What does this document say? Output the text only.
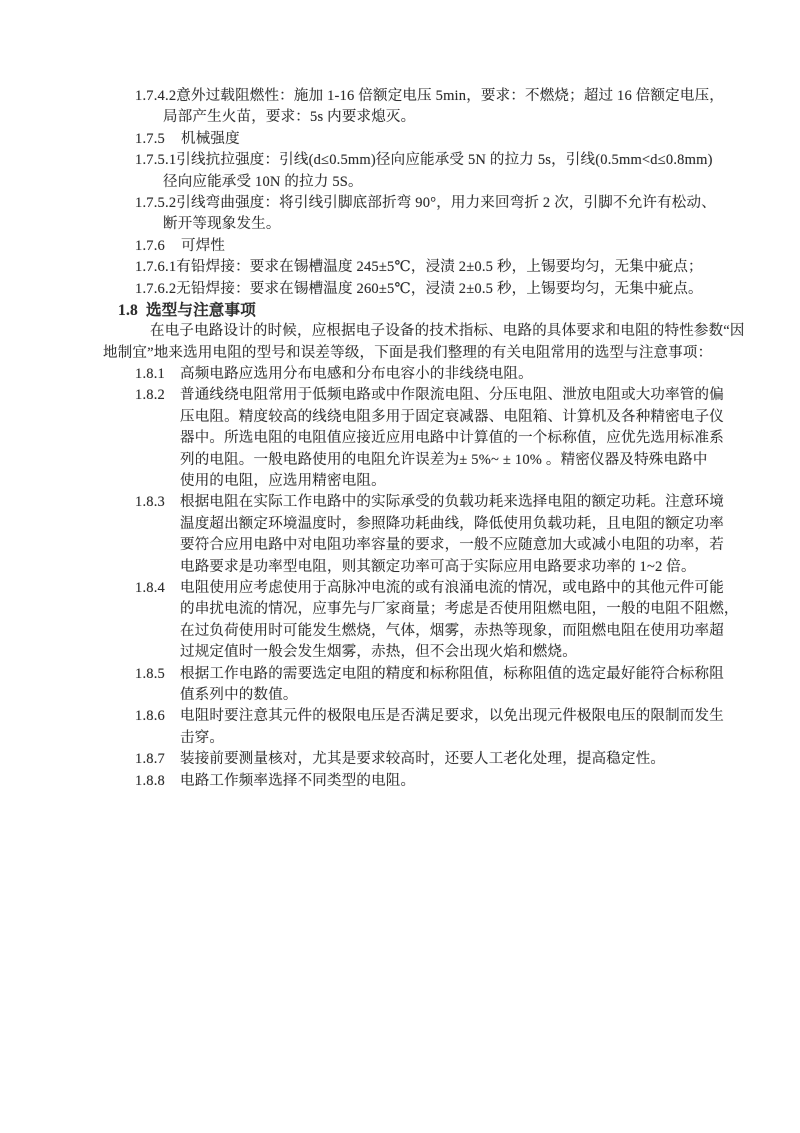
1.7.4.2意外过载阻燃性：施加 1-16 倍额定电压 5min，要求：不燃烧；超过 16 倍额定电压，
局部产生火苗，要求：5s 内要求熄灭。
1.7.5	机械强度
1.7.5.1引线抗拉强度：引线(d≤0.5mm)径向应能承受 5N 的拉力 5s，引线(0.5mm<d≤0.8mm)
径向应能承受 10N 的拉力 5S。
1.7.5.2引线弯曲强度：将引线引脚底部折弯 90°，用力来回弯折 2 次，引脚不允许有松动、
断开等现象发生。
1.7.6	可焊性
1.7.6.1有铅焊接：要求在锡槽温度 245±5℃，浸渍 2±0.5 秒，上锡要均匀，无集中疵点；
1.7.6.2无铅焊接：要求在锡槽温度 260±5℃，浸渍 2±0.5 秒，上锡要均匀，无集中疵点。
1.8 选型与注意事项
在电子电路设计的时候，应根据电子设备的技术指标、电路的具体要求和电阻的特性参数“因
地制宜”地来选用电阻的型号和误差等级，下面是我们整理的有关电阻常用的选型与注意事项：
1.8.1	高频电路应选用分布电感和分布电容小的非线绕电阻。
1.8.2	普通线绕电阻常用于低频电路或中作限流电阻、分压电阻、泄放电阻或大功率管的偏
压电阻。精度较高的线绕电阻多用于固定衰减器、电阻箱、计算机及各种精密电子仪
器中。所选电阻的电阻值应接近应用电路中计算值的一个标称值，应优先选用标准系
列的电阻。一般电路使用的电阻允许误差为± 5%~ ± 10% 。精密仪器及特殊电路中
使用的电阻，应选用精密电阻。
1.8.3	根据电阻在实际工作电路中的实际承受的负载功耗来选择电阻的额定功耗。注意环境
温度超出额定环境温度时，参照降功耗曲线，降低使用负载功耗，且电阻的额定功率
要符合应用电路中对电阻功率容量的要求，一般不应随意加大或减小电阻的功率，若
电路要求是功率型电阻，则其额定功率可高于实际应用电路要求功率的 1~2 倍。
1.8.4	电阻使用应考虑使用于高脉冲电流的或有浪涌电流的情况，或电路中的其他元件可能
的串扰电流的情况，应事先与厂家商量；考虑是否使用阻燃电阻，一般的电阻不阻燃，
在过负荷使用时可能发生燃烧，气体，烟雾，赤热等现象，而阻燃电阻在使用功率超
过规定值时一般会发生烟雾，赤热，但不会出现火焰和燃烧。
1.8.5	根据工作电路的需要选定电阻的精度和标称阻值，标称阻值的选定最好能符合标称阻
值系列中的数值。
1.8.6	电阻时要注意其元件的极限电压是否满足要求，以免出现元件极限电压的限制而发生
击穿。
1.8.7	装接前要测量核对，尤其是要求较高时，还要人工老化处理，提高稳定性。
1.8.8	电路工作频率选择不同类型的电阻。
